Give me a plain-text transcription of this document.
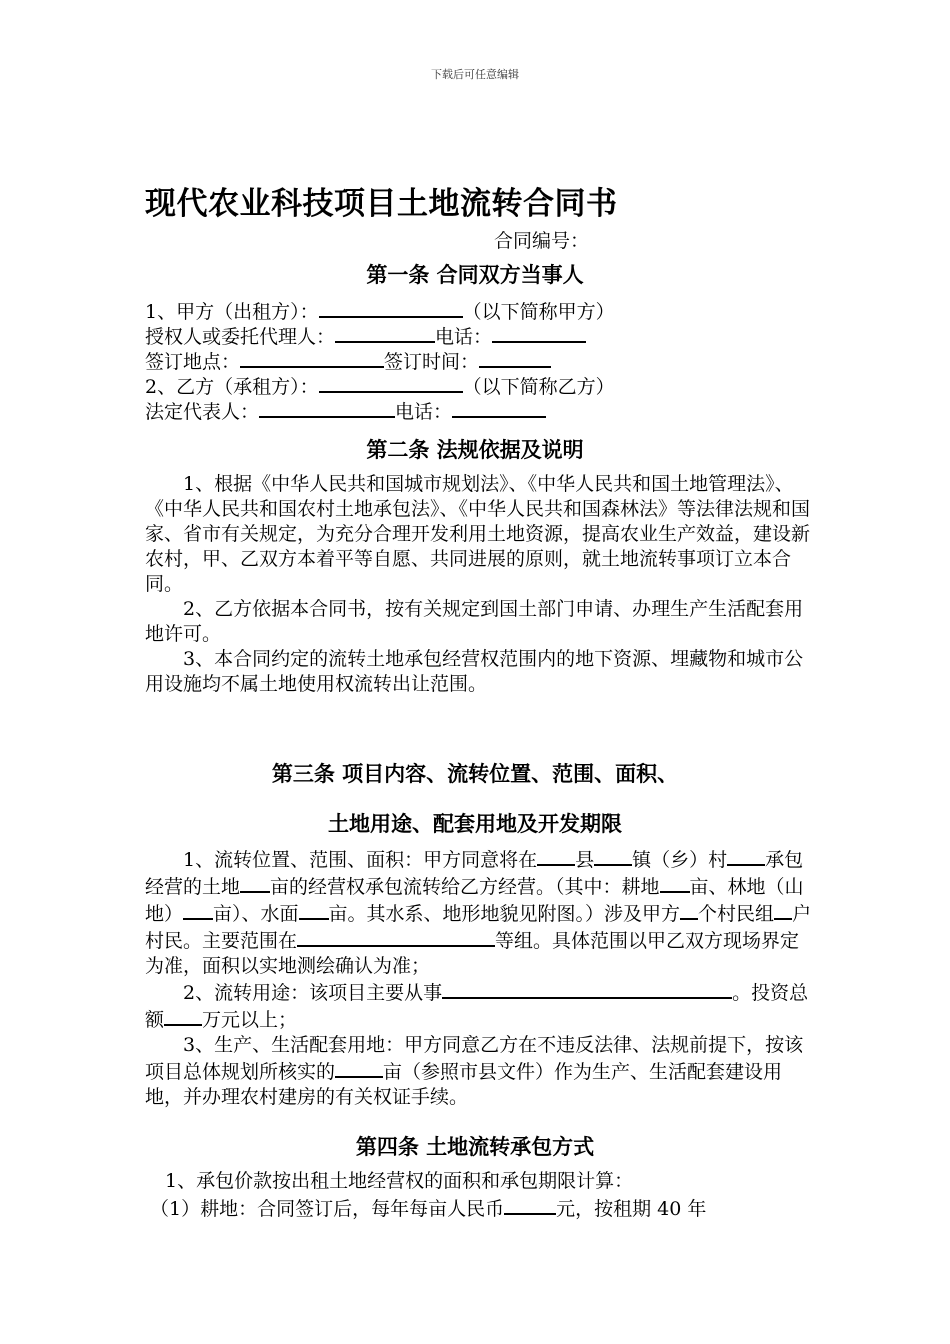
下载后可任意编辑
现代农业科技项目土地流转合同书
合同编号：
第一条 合同双方当事人
1、甲方（出租方）：	（以下简称甲方）
授权人或委托代理人：	电话：
签订地点：	签订时间：
2、乙方（承租方）：	（以下简称乙方）
法定代表人：	电话：
第二条 法规依据及说明

1、根据《中华人民共和国城市规划法》、《中华人民共和国土地管理法》、《中华人民共和国农村土地承包法》、《中华人民共和国森林法》等法律法规和国家、省市有关规定，为充分合理开发利用土地资源，提高农业生产效益，建设新农村，甲、乙双方本着平等自愿、共同进展的原则，就土地流转事项订立本合同。

2、乙方依据本合同书，按有关规定到国土部门申请、办理生产生活配套用地许可。

3、本合同约定的流转土地承包经营权范围内的地下资源、埋藏物和城市公用设施均不属土地使用权流转出让范围。

第三条 项目内容、流转位置、范围、面积、
土地用途、配套用地及开发期限

1、流转位置、范围、面积：甲方同意将在 县 镇（乡）村 承包经营的土地 亩的经营权承包流转给乙方经营。（其中：耕地 亩、林地（山地） 亩）、水面 亩。其水系、地形地貌见附图。）涉及甲方 个村民组 户村民。主要范围在	等组。具体范围以甲乙双方现场界定为准，面积以实地测绘确认为准；

2、流转用途：该项目主要从事	。投资总额 万元以上；

3、生产、生活配套用地：甲方同意乙方在不违反法律、法规前提下，按该项目总体规划所核实的	亩（参照市县文件）作为生产、生活配套建设用地，并办理农村建房的有关权证手续。

第四条 土地流转承包方式
1、承包价款按出租土地经营权的面积和承包期限计算：
（1）耕地：合同签订后，每年每亩人民币	元，按租期 40 年
